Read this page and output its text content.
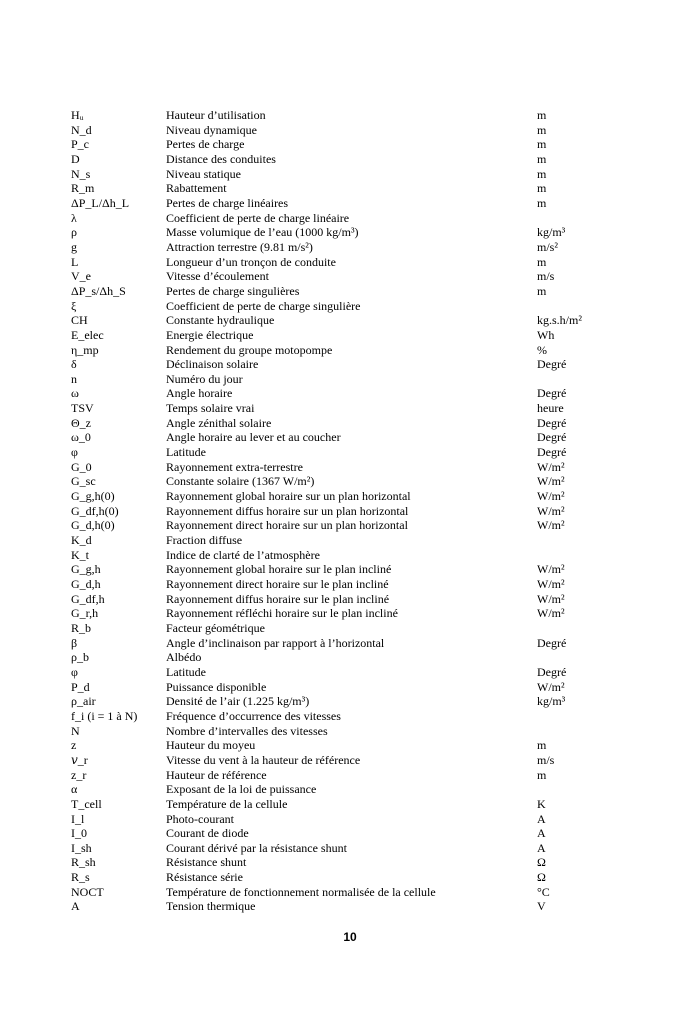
Hᵤ	Hauteur d’utilisation	m
N_d	Niveau dynamique	m
P_c	Pertes de charge	m
D	Distance des conduites	m
N_s	Niveau statique	m
R_m	Rabattement	m
ΔP_L/Δh_L	Pertes de charge linéaires	m
λ	Coefficient de perte de charge linéaire
ρ	Masse volumique de l’eau (1000 kg/m³)	kg/m³
g	Attraction terrestre (9.81 m/s²)	m/s²
L	Longueur d’un tronçon de conduite	m
V_e	Vitesse d’écoulement	m/s
ΔP_s/Δh_S	Pertes de charge singulières	m
ξ	Coefficient de perte de charge singulière
CH	Constante hydraulique	kg.s.h/m²
E_elec	Energie électrique	Wh
η_mp	Rendement du groupe motopompe	%
δ	Déclinaison solaire	Degré
n	Numéro du jour
ω	Angle horaire	Degré
TSV	Temps solaire vrai	heure
Θ_z	Angle zénithal solaire	Degré
ω_0	Angle horaire au lever et au coucher	Degré
φ	Latitude	Degré
G_0	Rayonnement extra-terrestre	W/m²
G_sc	Constante solaire (1367 W/m²)	W/m²
G_g,h(0)	Rayonnement global horaire sur un plan horizontal	W/m²
G_df,h(0)	Rayonnement diffus horaire sur un plan horizontal	W/m²
G_d,h(0)	Rayonnement direct horaire sur un plan horizontal	W/m²
K_d	Fraction diffuse
K_t	Indice de clarté de l’atmosphère
G_g,h	Rayonnement global horaire sur le plan incliné	W/m²
G_d,h	Rayonnement direct horaire sur le plan incliné	W/m²
G_df,h	Rayonnement diffus horaire sur le plan incliné	W/m²
G_r,h	Rayonnement réfléchi horaire sur le plan incliné	W/m²
R_b	Facteur géométrique
β	Angle d’inclinaison par rapport à l’horizontal	Degré
ρ_b	Albédo
φ	Latitude	Degré
P_d	Puissance disponible	W/m²
ρ_air	Densité de l’air (1.225 kg/m³)	kg/m³
f_i (i = 1 à N)	Fréquence d’occurrence des vitesses
N	Nombre d’intervalles des vitesses
z	Hauteur du moyeu	m
𝑣_r	Vitesse du vent à la hauteur de référence	m/s
z_r	Hauteur de référence	m
α	Exposant de la loi de puissance
T_cell	Température de la cellule	K
I_l	Photo-courant	A
I_0	Courant de diode	A
I_sh	Courant dérivé par la résistance shunt	A
R_sh	Résistance shunt	Ω
R_s	Résistance série	Ω
NOCT	Température de fonctionnement normalisée de la cellule	°C
A	Tension thermique	V
10
